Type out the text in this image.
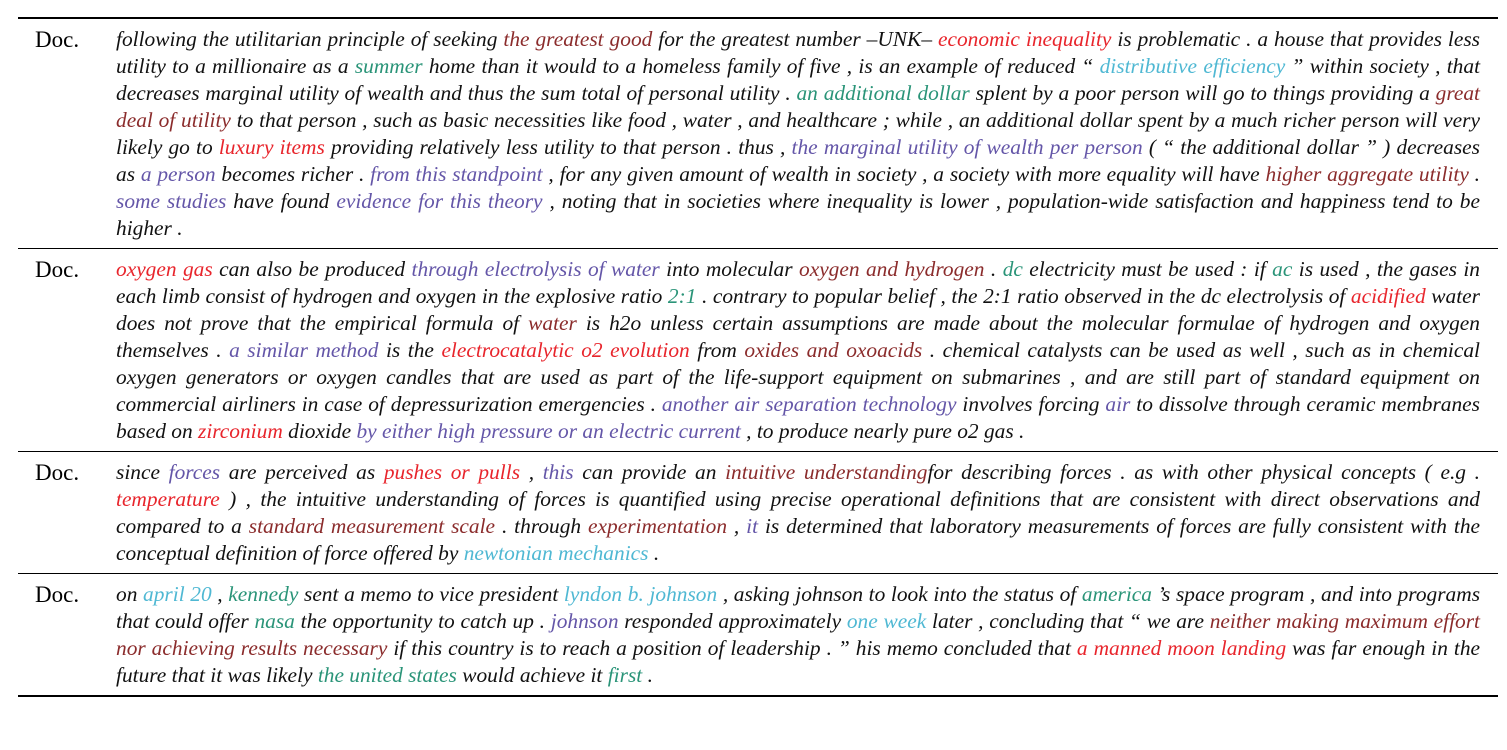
Doc.	following the utilitarian principle of seeking the greatest good for the greatest number –UNK– economic inequality is problematic . a house that provides less utility to a millionaire as a summer home than it would to a homeless family of five , is an example of reduced “ distributive efficiency ” within society , that decreases marginal utility of wealth and thus the sum total of personal utility . an additional dollar splent by a poor person will go to things providing a great deal of utility to that person , such as basic necessities like food , water , and healthcare ; while , an additional dollar spent by a much richer person will very likely go to luxury items providing relatively less utility to that person . thus , the marginal utility of wealth per person ( “ the additional dollar ” ) decreases as a person becomes richer . from this standpoint , for any given amount of wealth in society , a society with more equality will have higher aggregate utility . some studies have found evidence for this theory , noting that in societies where inequality is lower , population-wide satisfaction and happiness tend to be higher .
Doc.	oxygen gas can also be produced through electrolysis of water into molecular oxygen and hydrogen . dc electricity must be used : if ac is used , the gases in each limb consist of hydrogen and oxygen in the explosive ratio 2:1 . contrary to popular belief , the 2:1 ratio observed in the dc electrolysis of acidified water does not prove that the empirical formula of water is h2o unless certain assumptions are made about the molecular formulae of hydrogen and oxygen themselves . a similar method is the electrocatalytic o2 evolution from oxides and oxoacids . chemical catalysts can be used as well , such as in chemical oxygen generators or oxygen candles that are used as part of the life-support equipment on submarines , and are still part of standard equipment on commercial airliners in case of depressurization emergencies . another air separation technology involves forcing air to dissolve through ceramic membranes based on zirconium dioxide by either high pressure or an electric current , to produce nearly pure o2 gas .
Doc.	since forces are perceived as pushes or pulls , this can provide an intuitive understandingfor describing forces . as with other physical concepts ( e.g . temperature ) , the intuitive understanding of forces is quantified using precise operational definitions that are consistent with direct observations and compared to a standard measurement scale . through experimentation , it is determined that laboratory measurements of forces are fully consistent with the conceptual definition of force offered by newtonian mechanics .
Doc.	on april 20 , kennedy sent a memo to vice president lyndon b. johnson , asking johnson to look into the status of america ’s space program , and into programs that could offer nasa the opportunity to catch up . johnson responded approximately one week later , concluding that “ we are neither making maximum effort nor achieving results necessary if this country is to reach a position of leadership . ” his memo concluded that a manned moon landing was far enough in the future that it was likely the united states would achieve it first .
